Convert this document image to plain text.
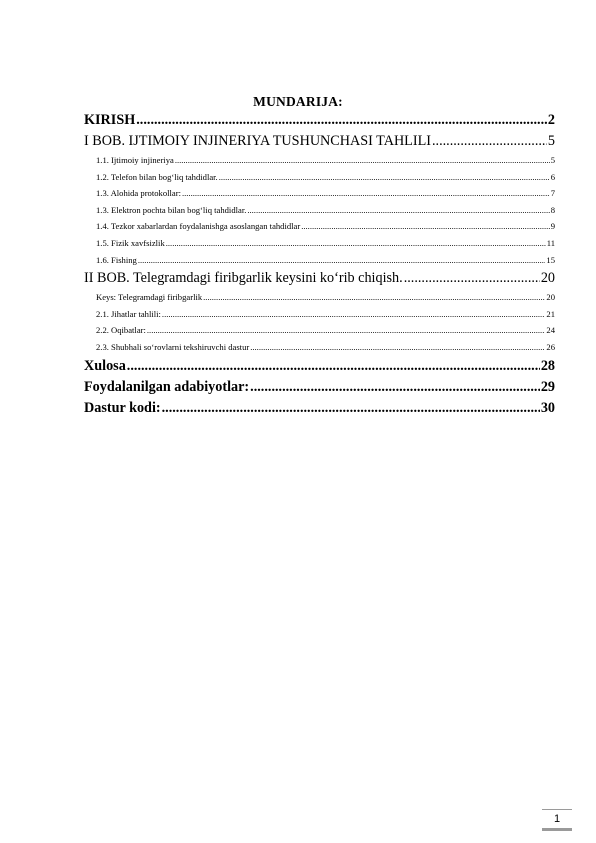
MUNDARIJA:
KIRISH .....	2
I BOB. IJTIMOIY INJINERIYA TUSHUNCHASI TAHLILI .....	5
1.1. Ijtimoiy injineriya .....	5
1.2. Telefon bilan bog‘liq tahdidlar. .....	6
1.3. Alohida protokollar: .....	7
1.3. Elektron pochta bilan bog‘liq tahdidlar. .....	8
1.4. Tezkor xabarlardan foydalanishga asoslangan tahdidlar .....	9
1.5. Fizik xavfsizlik .....	11
1.6. Fishing .....	15
II BOB. Telegramdagi firibgarlik keysini ko‘rib chiqish. .....	20
Keys: Telegramdagi firibgarlik .....	20
2.1. Jihatlar tahlili: .....	21
2.2. Oqibatlar: .....	24
2.3. Shubhali so‘rovlarni tekshiruvchi dastur .....	26
Xulosa .....	28
Foydalanilgan adabiyotlar: .....	29
Dastur kodi: .....	30
1
